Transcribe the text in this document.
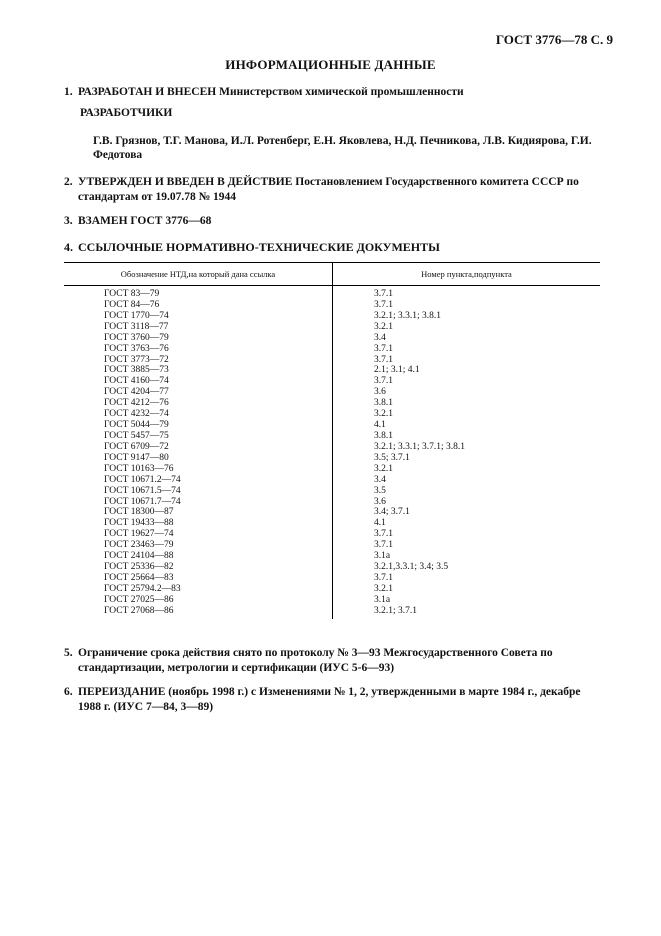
ГОСТ 3776—78 С. 9
ИНФОРМАЦИОННЫЕ ДАННЫЕ
1. РАЗРАБОТАН И ВНЕСЕН Министерством химической промышленности
РАЗРАБОТЧИКИ
Г.В. Грязнов, Т.Г. Манова, И.Л. Ротенберг, Е.Н. Яковлева, Н.Д. Печникова, Л.В. Кидиярова, Г.И. Федотова
2. УТВЕРЖДЕН И ВВЕДЕН В ДЕЙСТВИЕ Постановлением Государственного комитета СССР по стандартам от 19.07.78 № 1944
3. ВЗАМЕН ГОСТ 3776—68
4. ССЫЛОЧНЫЕ НОРМАТИВНО-ТЕХНИЧЕСКИЕ ДОКУМЕНТЫ
Обозначение НТД,на который дана ссылка	Номер пункта,подпункта
ГОСТ 83—79
ГОСТ 84—76
ГОСТ 1770—74
ГОСТ 3118—77
ГОСТ 3760—79
ГОСТ 3763—76
ГОСТ 3773—72
ГОСТ 3885—73
ГОСТ 4160—74
ГОСТ 4204—77
ГОСТ 4212—76
ГОСТ 4232—74
ГОСТ 5044—79
ГОСТ 5457—75
ГОСТ 6709—72
ГОСТ 9147—80
ГОСТ 10163—76
ГОСТ 10671.2—74
ГОСТ 10671.5—74
ГОСТ 10671.7—74
ГОСТ 18300—87
ГОСТ 19433—88
ГОСТ 19627—74
ГОСТ 23463—79
ГОСТ 24104—88
ГОСТ 25336—82
ГОСТ 25664—83
ГОСТ 25794.2—83
ГОСТ 27025—86
ГОСТ 27068—86
3.7.1
3.7.1
3.2.1; 3.3.1; 3.8.1
3.2.1
3.4
3.7.1
3.7.1
2.1; 3.1; 4.1
3.7.1
3.6
3.8.1
3.2.1
4.1
3.8.1
3.2.1; 3.3.1; 3.7.1; 3.8.1
3.5; 3.7.1
3.2.1
3.4
3.5
3.6
3.4; 3.7.1
4.1
3.7.1
3.7.1
3.1а
3.2.1,3.3.1; 3.4; 3.5
3.7.1
3.2.1
3.1а
3.2.1; 3.7.1
5. Ограничение срока действия снято по протоколу № 3—93 Межгосударственного Совета по стандартизации, метрологии и сертификации (ИУС 5-6—93)
6. ПЕРЕИЗДАНИЕ (ноябрь 1998 г.) с Изменениями № 1, 2, утвержденными в марте 1984 г., декабре 1988 г. (ИУС 7—84, 3—89)
